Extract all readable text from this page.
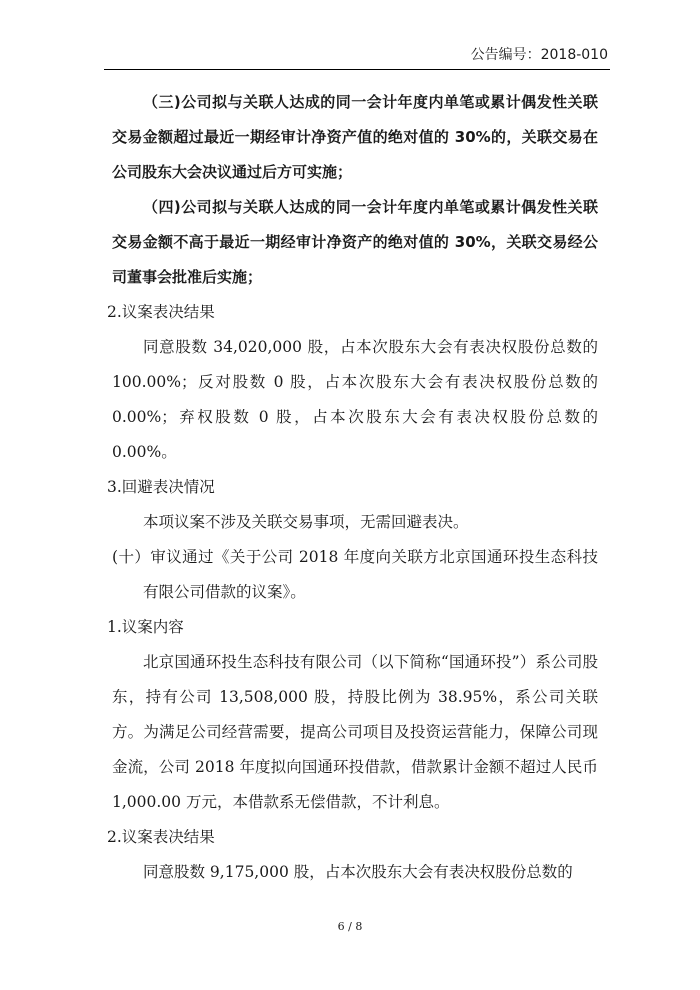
公告编号：2018-010

（三)公司拟与关联人达成的同一会计年度内单笔或累计偶发性关联交易金额超过最近一期经审计净资产值的绝对值的 30%的，关联交易在公司股东大会决议通过后方可实施；

（四)公司拟与关联人达成的同一会计年度内单笔或累计偶发性关联交易金额不高于最近一期经审计净资产的绝对值的 30%，关联交易经公司董事会批准后实施；

2.议案表决结果

同意股数 34,020,000 股，占本次股东大会有表决权股份总数的 100.00%；反对股数 0 股，占本次股东大会有表决权股份总数的 0.00%；弃权股数 0 股，占本次股东大会有表决权股份总数的 0.00%。

3.回避表决情况

本项议案不涉及关联交易事项，无需回避表决。

(十）审议通过《关于公司 2018 年度向关联方北京国通环投生态科技有限公司借款的议案》。

1.议案内容

北京国通环投生态科技有限公司（以下简称“国通环投”）系公司股东，持有公司 13,508,000 股，持股比例为 38.95%，系公司关联方。为满足公司经营需要，提高公司项目及投资运营能力，保障公司现金流，公司 2018 年度拟向国通环投借款，借款累计金额不超过人民币 1,000.00 万元，本借款系无偿借款，不计利息。

2.议案表决结果

同意股数 9,175,000 股，占本次股东大会有表决权股份总数的

6 / 8
